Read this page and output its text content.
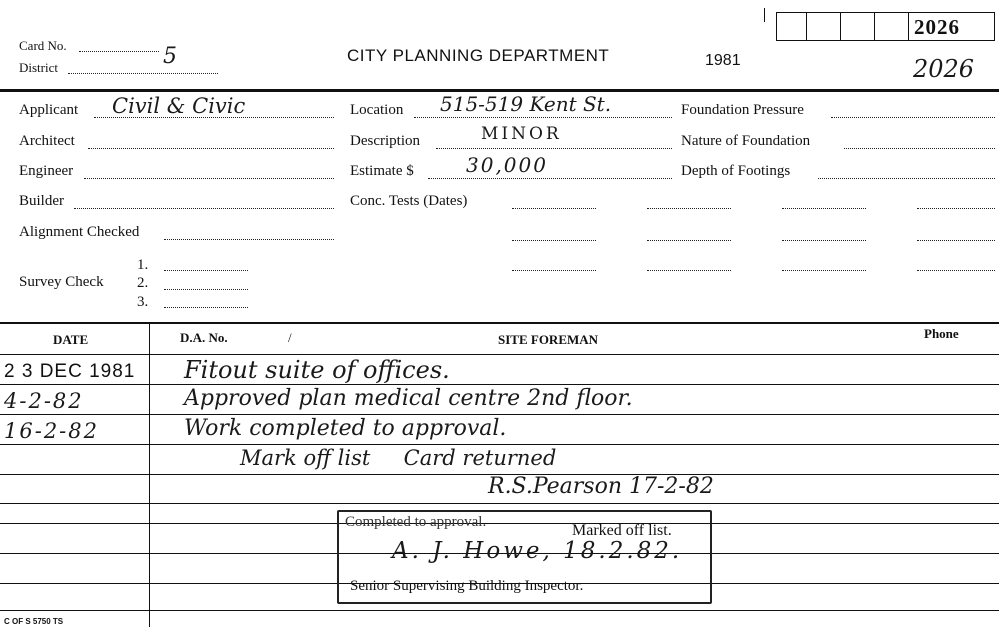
Card No.
District	5	CITY PLANNING DEPARTMENT	1981
2026
2026
Applicant Civil & Civic
Architect
Engineer
Builder
Alignment Checked
Survey Check
1.
2.
3.
Location 515-519 Kent St.
Description	MINOR
Estimate $	30,000
Conc. Tests (Dates)
Foundation Pressure
Nature of Foundation
Depth of Footings
DATE	D.A. No.	/	SITE FOREMAN	Phone
2 3 DEC 1981 Fitout suite of offices.
4-2-82	Approved plan medical centre 2nd floor.
16-2-82	Work completed to approval.
Mark off list     Card returned
R.S.Pearson 17-2-82
Completed to approval.	Marked off list.
A. J. Howe, 18.2.82.
Senior Supervising Building Inspector.
C OF S 5750 TS
